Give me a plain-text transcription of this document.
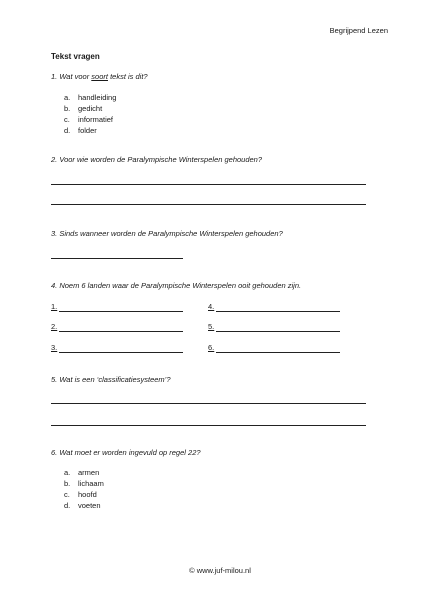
Begrijpend Lezen
Tekst vragen
1. Wat voor soort tekst is dit?
a. handleiding
b. gedicht
c. informatief
d. folder
2. Voor wie worden de Paralympische Winterspelen gehouden?
3. Sinds wanneer worden de Paralympische Winterspelen gehouden?
4. Noem 6 landen waar de Paralympische Winterspelen ooit gehouden zijn.
1.	4.
2.	5.
3.	6.
5. Wat is een ‘classificatiesysteem’?
6. Wat moet er worden ingevuld op regel 22?
a. armen
b. lichaam
c. hoofd
d. voeten
© www.juf-milou.nl
